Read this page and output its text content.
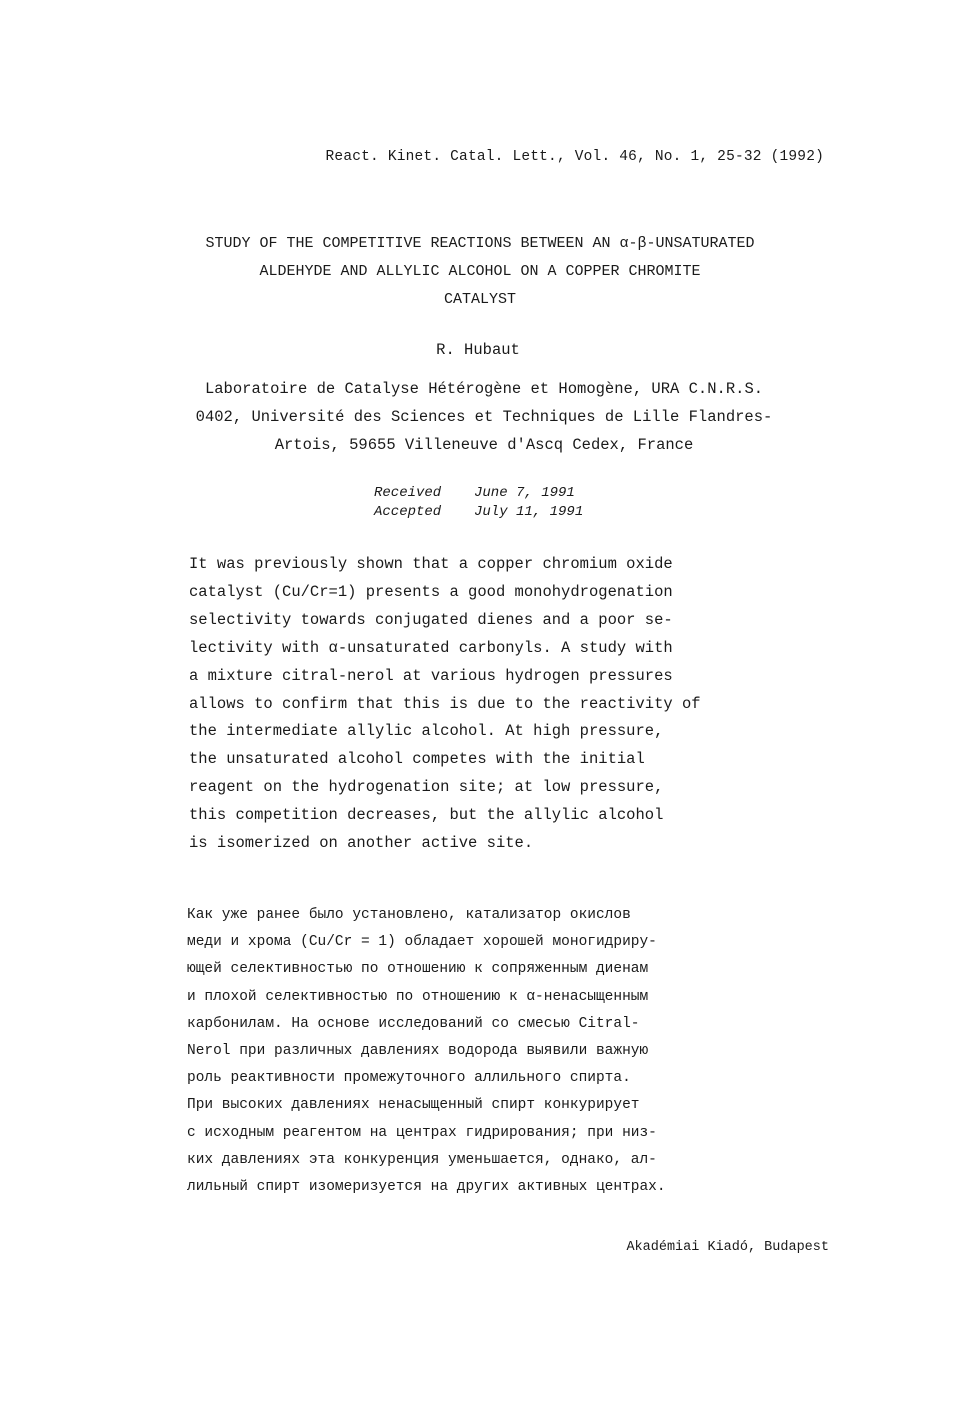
React. Kinet. Catal. Lett., Vol. 46, No. 1, 25-32 (1992)
STUDY OF THE COMPETITIVE REACTIONS BETWEEN AN α-β-UNSATURATED
ALDEHYDE AND ALLYLIC ALCOHOL ON A COPPER CHROMITE
CATALYST
R. Hubaut
Laboratoire de Catalyse Hétérogène et Homogène, URA C.N.R.S.
0402, Université des Sciences et Techniques de Lille Flandres-
Artois, 59655 Villeneuve d'Ascq Cedex, France
Received	June 7, 1991
Accepted	July 11, 1991
It was previously shown that a copper chromium oxide
catalyst (Cu/Cr=1) presents a good monohydrogenation
selectivity towards conjugated dienes and a poor se-
lectivity with α-unsaturated carbonyls. A study with
a mixture citral-nerol at various hydrogen pressures
allows to confirm that this is due to the reactivity of
the intermediate allylic alcohol. At high pressure,
the unsaturated alcohol competes with the initial
reagent on the hydrogenation site; at low pressure,
this competition decreases, but the allylic alcohol
is isomerized on another active site.
Как уже ранее было установлено, катализатор окислов
меди и хрома (Cu/Cr = 1) обладает хорошей моногидриру-
ющей селективностью по отношению к сопряженным диенам
и плохой селективностью по отношению к α-ненасыщенным
карбонилам. На основе исследований со смесью Citral-
Nerol при различных давлениях водорода выявили важную
роль реактивности промежуточного аллильного спирта.
При высоких давлениях ненасыщенный спирт конкурирует
с исходным реагентом на центрах гидрирования; при низ-
ких давлениях эта конкуренция уменьшается, однако, ал-
лильный спирт изомеризуется на других активных центрах.
Akadémiai Kiadó, Budapest
